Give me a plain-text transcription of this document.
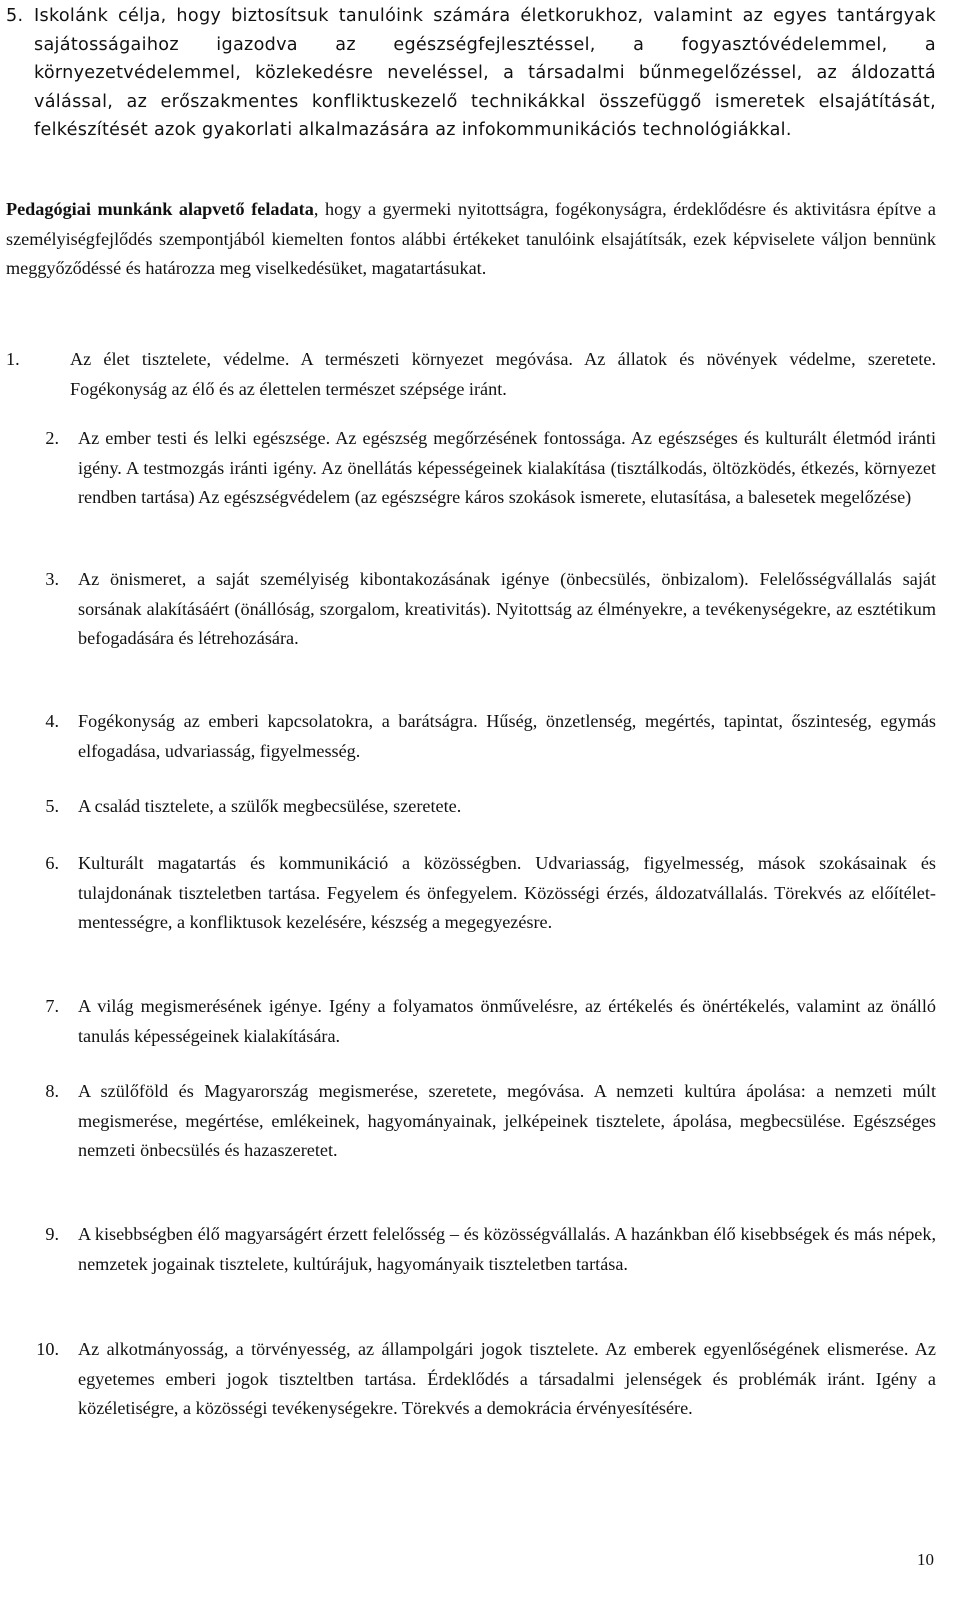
5. Iskolánk célja, hogy biztosítsuk tanulóink számára életkorukhoz, valamint az egyes tantárgyak sajátosságaihoz igazodva az egészségfejlesztéssel, a fogyasztóvédelemmel, a környezetvédelemmel, közlekedésre neveléssel, a társadalmi bűnmegelőzéssel, az áldozattá válással, az erőszakmentes konfliktuskezelő technikákkal összefüggő ismeretek elsajátítását, felkészítését azok gyakorlati alkalmazására az infokommunikációs technológiákkal.

Pedagógiai munkánk alapvető feladata, hogy a gyermeki nyitottságra, fogékonyságra, érdeklődésre és aktivitásra építve a személyiségfejlődés szempontjából kiemelten fontos alábbi értékeket tanulóink elsajátítsák, ezek képviselete váljon bennünk meggyőződéssé és határozza meg viselkedésüket, magatartásukat.

1.	Az élet tisztelete, védelme. A természeti környezet megóvása. Az állatok és növények védelme, szeretete. Fogékonyság az élő és az élettelen természet szépsége iránt.

2. Az ember testi és lelki egészsége. Az egészség megőrzésének fontossága. Az egészséges és kulturált életmód iránti igény. A testmozgás iránti igény. Az önellátás képességeinek kialakítása (tisztálkodás, öltözködés, étkezés, környezet rendben tartása) Az egészségvédelem (az egészségre káros szokások ismerete, elutasítása, a balesetek megelőzése)

3. Az önismeret, a saját személyiség kibontakozásának igénye (önbecsülés, önbizalom). Felelősségvállalás saját sorsának alakításáért (önállóság, szorgalom, kreativitás). Nyitottság az élményekre, a tevékenységekre, az esztétikum befogadására és létrehozására.

4. Fogékonyság az emberi kapcsolatokra, a barátságra. Hűség, önzetlenség, megértés, tapintat, őszinteség, egymás elfogadása, udvariasság, figyelmesség.

5. A család tisztelete, a szülők megbecsülése, szeretete.

6. Kulturált magatartás és kommunikáció a közösségben. Udvariasság, figyelmesség, mások szokásainak és tulajdonának tiszteletben tartása. Fegyelem és önfegyelem. Közösségi érzés, áldozatvállalás. Törekvés az előítélet-mentességre, a konfliktusok kezelésére, készség a megegyezésre.

7. A világ megismerésének igénye. Igény a folyamatos önművelésre, az értékelés és önértékelés, valamint az önálló tanulás képességeinek kialakítására.

8. A szülőföld és Magyarország megismerése, szeretete, megóvása. A nemzeti kultúra ápolása: a nemzeti múlt megismerése, megértése, emlékeinek, hagyományainak, jelképeinek tisztelete, ápolása, megbecsülése. Egészséges nemzeti önbecsülés és hazaszeretet.

9. A kisebbségben élő magyarságért érzett felelősség – és közösségvállalás. A hazánkban élő kisebbségek és más népek, nemzetek jogainak tisztelete, kultúrájuk, hagyományaik tiszteletben tartása.

10. Az alkotmányosság, a törvényesség, az állampolgári jogok tisztelete. Az emberek egyenlőségének elismerése. Az egyetemes emberi jogok tiszteltben tartása. Érdeklődés a társadalmi jelenségek és problémák iránt. Igény a közéletiségre, a közösségi tevékenységekre. Törekvés a demokrácia érvényesítésére.

10
